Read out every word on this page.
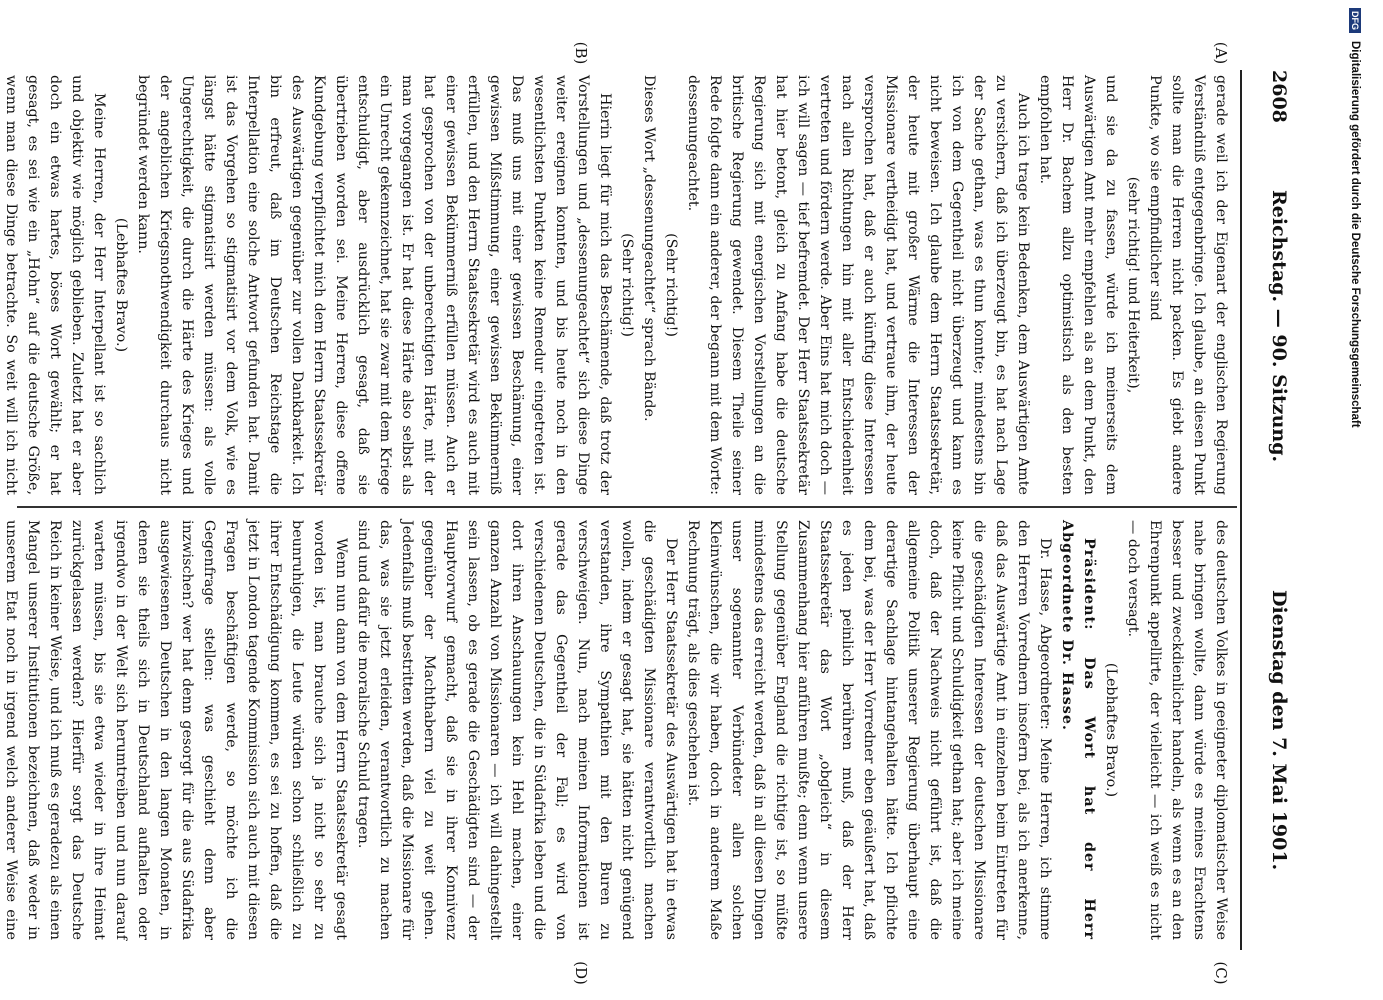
2608
Reichstag. — 90. Sitzung.
Dienstag den 7. Mai 1901.
(A)
(B)
(C)
(D)

gerade weil ich der Eigenart der englischen Regierung Verständniß entgegenbringe. Ich glaube, an diesen Punkt sollte man die Herren nicht packen. Es giebt andere Punkte, wo sie empfindlicher sind

(sehr richtig! und Heiterkeit),

und sie da zu fassen, würde ich meinerseits dem Auswärtigen Amt mehr empfehlen als an dem Punkt, den Herr Dr. Bachem allzu optimistisch als den besten empfohlen hat.

Auch ich trage kein Bedenken, dem Auswärtigen Amte zu versichern, daß ich überzeugt bin, es hat nach Lage der Sache gethan, was es thun konnte; mindestens bin ich von dem Gegentheil nicht überzeugt und kann es nicht beweisen. Ich glaube dem Herrn Staatssekretär, der heute mit großer Wärme die Interessen der Missionare vertheidigt hat, und vertraue ihm, der heute versprochen hat, daß er auch künftig diese Interessen nach allen Richtungen hin mit aller Entschiedenheit vertreten und fördern werde. Aber Eins hat mich doch — ich will sagen — tief befremdet. Der Herr Staatssekretär hat hier betont, gleich zu Anfang habe die deutsche Regierung sich mit energischen Vorstellungen an die britische Regierung gewendet. Diesem Theile seiner Rede folgte dann ein anderer, der begann mit dem Worte: dessenungeachtet.

(Sehr richtig!)

Dieses Wort „dessenungeachtet“ sprach Bände.

(Sehr richtig!)

Hierin liegt für mich das Beschämende, daß trotz der Vorstellungen und „dessenungeachtet“ sich diese Dinge weiter ereignen konnten, und bis heute noch in den wesentlichsten Punkten keine Remedur eingetreten ist. Das muß uns mit einer gewissen Beschämung, einer gewissen Mißstimmung, einer gewissen Bekümmerniß erfüllen, und den Herrn Staatssekretär wird es auch mit einer gewissen Bekümmerniß erfüllen müssen. Auch er hat gesprochen von der unberechtigten Härte, mit der man vorgegangen ist. Er hat diese Härte also selbst als ein Unrecht gekennzeichnet, hat sie zwar mit dem Kriege entschuldigt, aber ausdrücklich gesagt, daß sie übertrieben worden sei. Meine Herren, diese offene Kundgebung verpflichtet mich dem Herrn Staatssekretär des Auswärtigen gegenüber zur vollen Dankbarkeit. Ich bin erfreut, daß im Deutschen Reichstage die Interpellation eine solche Antwort gefunden hat. Damit ist das Vorgehen so stigmatisirt vor dem Volk, wie es längst hätte stigmatisirt werden müssen: als volle Ungerechtigkeit, die durch die Härte des Krieges und der angeblichen Kriegsnothwendigkeit durchaus nicht begründet werden kann.

(Lebhaftes Bravo.)

Meine Herren, der Herr Interpellant ist so sachlich und objektiv wie möglich geblieben. Zuletzt hat er aber doch ein etwas hartes, böses Wort gewählt; er hat gesagt, es sei wie ein „Hohn“ auf die deutsche Größe, wenn man diese Dinge betrachte. So weit will ich nicht

des deutschen Volkes in geeigneter diplomatischer Weise nahe bringen wollte, dann würde es meines Erachtens besser und zweckdienlicher handeln, als wenn es an den Ehrenpunkt appellirte, der vielleicht — ich weiß es nicht — doch versagt.

(Lebhaftes Bravo.)

Präsident: Das Wort hat der Herr Abgeordnete Dr. Hasse.

Dr. Hasse, Abgeordneter: Meine Herren, ich stimme den Herren Vorrednern insofern bei, als ich anerkenne, daß das Auswärtige Amt in einzelnen beim Eintreten für die geschädigten Interessen der deutschen Missionare keine Pflicht und Schuldigkeit gethan hat; aber ich meine doch, daß der Nachweis nicht geführt ist, daß die allgemeine Politik unserer Regierung überhaupt eine derartige Sachlage hintangehalten hätte. Ich pflichte dem bei, was der Herr Vorredner eben geäußert hat, daß es jeden peinlich berühren muß, daß der Herr Staatssekretär das Wort „obgleich“ in diesem Zusammenhang hier anführen mußte; denn wenn unsere Stellung gegenüber England die richtige ist, so müßte mindestens das erreicht werden, daß in all diesen Dingen unser sogenannter Verbündeter allen solchen Kleinwünschen, die wir haben, doch in anderem Maße Rechnung trägt, als dies geschehen ist.

Der Herr Staatssekretär des Auswärtigen hat in etwas die geschädigten Missionare verantwortlich machen wollen, indem er gesagt hat, sie hätten nicht genügend verstanden, ihre Sympathien mit den Buren zu verschweigen. Nun, nach meinen Informationen ist gerade das Gegentheil der Fall; es wird von verschiedenen Deutschen, die in Südafrika leben und die dort ihren Anschauungen kein Hehl machen, einer ganzen Anzahl von Missionaren — ich will dahingestellt sein lassen, ob es gerade die Geschädigten sind — der Hauptvorwurf gemacht, daß sie in ihrer Konnivenz gegenüber der Machthabern viel zu weit gehen. Jedenfalls muß bestritten werden, daß die Missionare für das, was sie jetzt erleiden, verantwortlich zu machen sind und dafür die moralische Schuld tragen.

Wenn nun dann von dem Herrn Staatssekretär gesagt worden ist, man brauche sich ja nicht so sehr zu beunruhigen, die Leute würden schon schließlich zu ihrer Entschädigung kommen, es sei zu hoffen, daß die jetzt in London tagende Kommission sich auch mit diesen Fragen beschäftigen werde, so möchte ich die Gegenfrage stellen: was geschieht denn aber inzwischen? wer hat denn gesorgt für die aus Südafrika ausgewiesenen Deutschen in den langen Monaten, in denen sie theils sich in Deutschland aufhalten oder irgendwo in der Welt sich herumtreiben und nun darauf warten müssen, bis sie etwa wieder in ihre Heimat zurückgelassen werden? Hierfür sorgt das Deutsche Reich in keiner Weise, und ich muß es geradezu als einen Mangel unserer Institutionen bezeichnen, daß weder in unserem Etat noch in irgend welch anderer Weise eine

DFG
Digitalisierung gefördert durch die Deutsche Forschungsgemeinschaft
